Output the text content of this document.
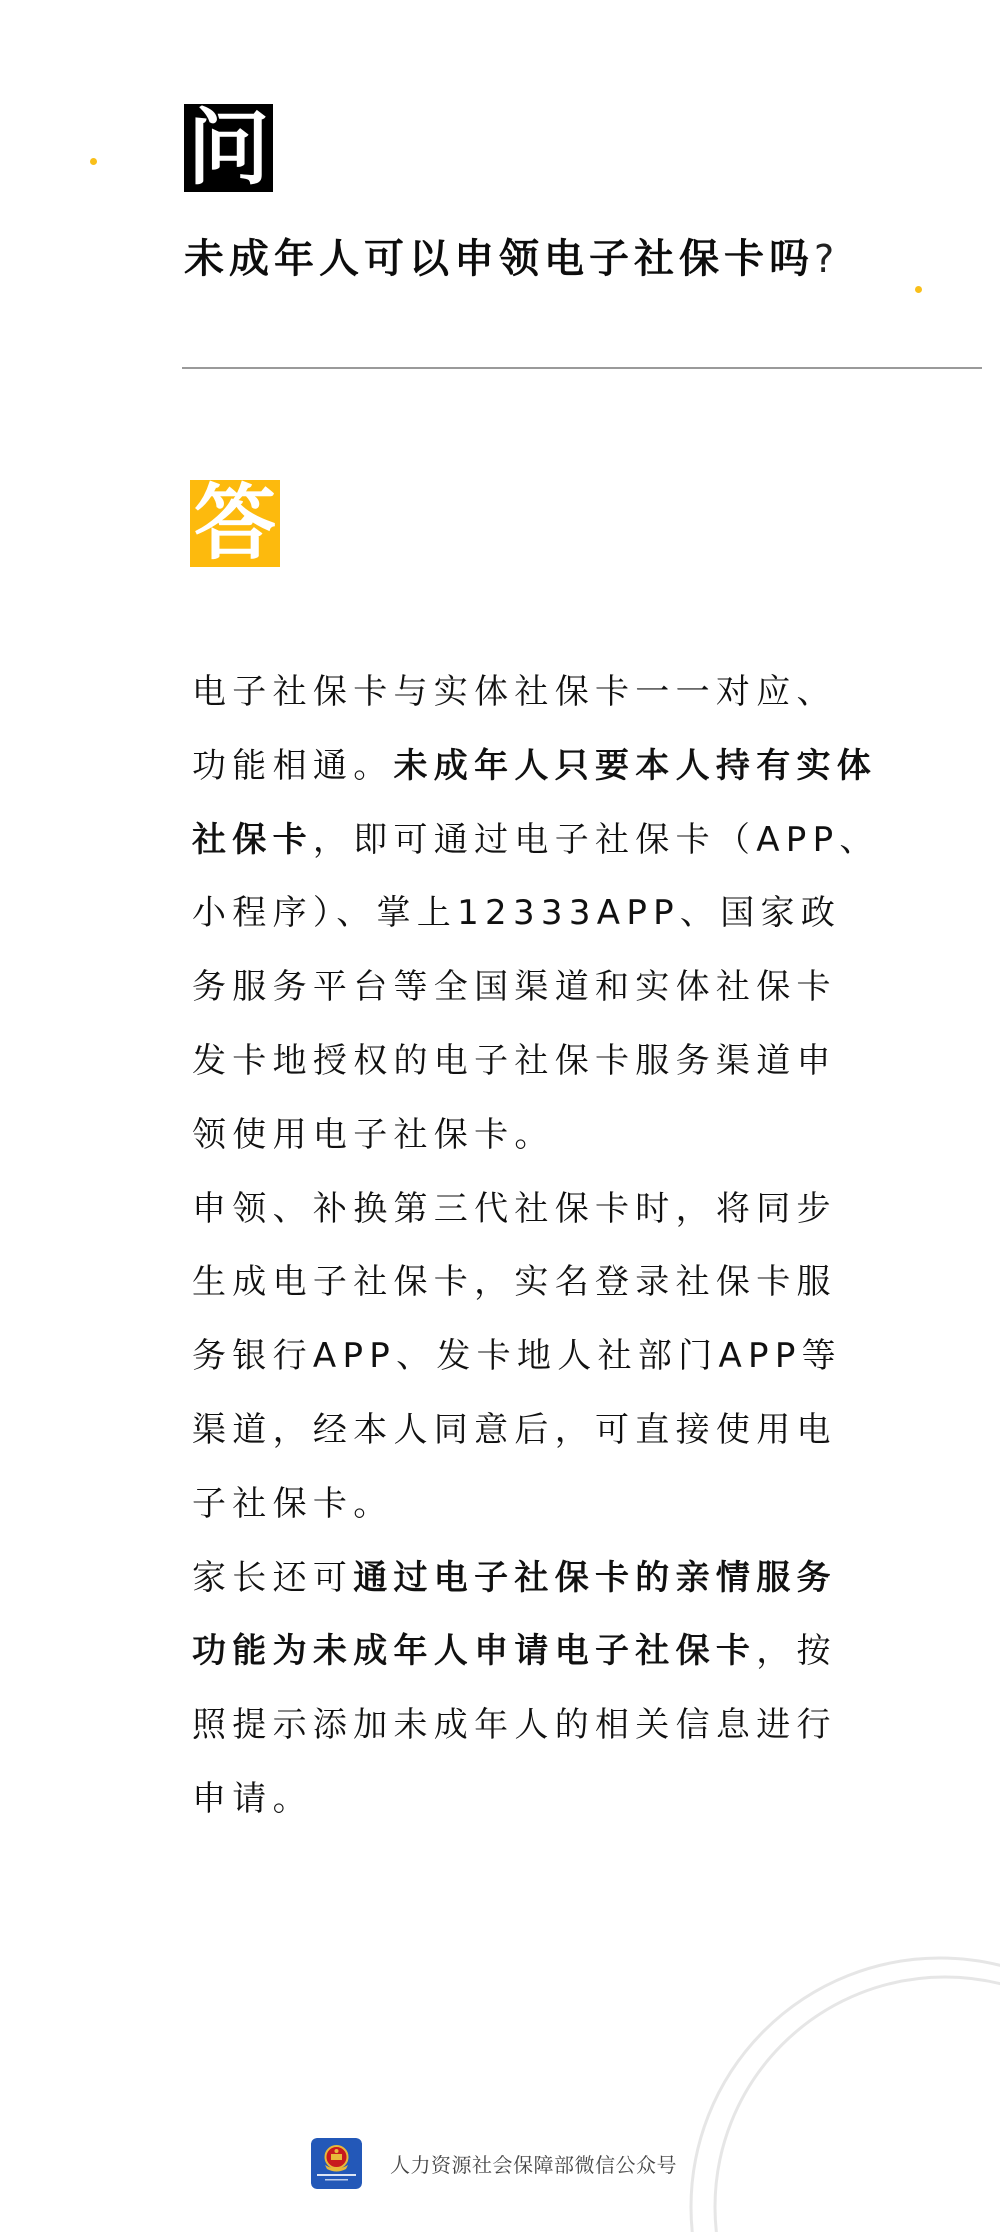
问
未成年人可以申领电子社保卡吗?
答

电子社保卡与实体社保卡一一对应、
功能相通。未成年人只要本人持有实体
社保卡，即可通过电子社保卡（APP、
小程序）、掌上12333APP、国家政
务服务平台等全国渠道和实体社保卡
发卡地授权的电子社保卡服务渠道申
领使用电子社保卡。

申领、补换第三代社保卡时，将同步
生成电子社保卡，实名登录社保卡服
务银行APP、发卡地人社部门APP等
渠道，经本人同意后，可直接使用电
子社保卡。

家长还可通过电子社保卡的亲情服务
功能为未成年人申请电子社保卡，按
照提示添加未成年人的相关信息进行
申请。

人力资源社会保障部微信公众号
